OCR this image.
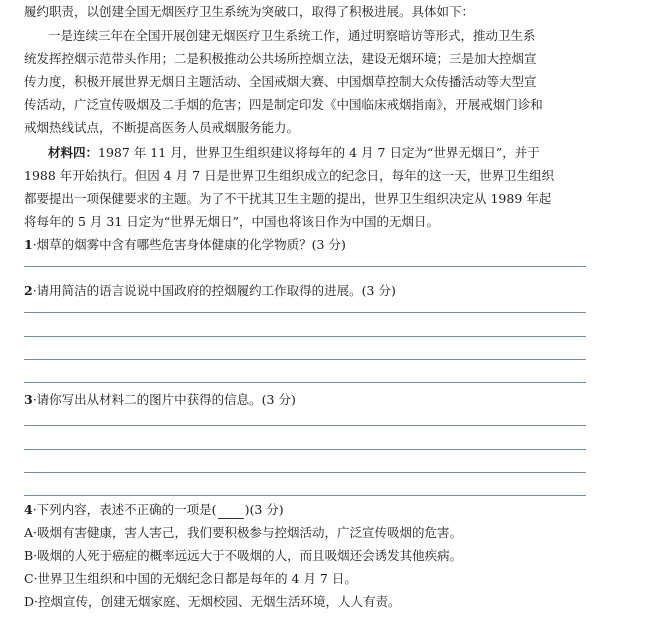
履约职责，以创建全国无烟医疗卫生系统为突破口，取得了积极进展。具体如下：
一是连续三年在全国开展创建无烟医疗卫生系统工作，通过明察暗访等形式，推动卫生系
统发挥控烟示范带头作用；二是积极推动公共场所控烟立法，建设无烟环境；三是加大控烟宣
传力度，积极开展世界无烟日主题活动、全国戒烟大赛、中国烟草控制大众传播活动等大型宣
传活动，广泛宣传吸烟及二手烟的危害；四是制定印发《中国临床戒烟指南》，开展戒烟门诊和
戒烟热线试点，不断提高医务人员戒烟服务能力。
材料四：1987 年 11 月，世界卫生组织建议将每年的 4 月 7 日定为“世界无烟日”，并于
1988 年开始执行。但因 4 月 7 日是世界卫生组织成立的纪念日，每年的这一天，世界卫生组织
都要提出一项保健要求的主题。为了不干扰其卫生主题的提出，世界卫生组织决定从 1989 年起
将每年的 5 月 31 日定为“世界无烟日”，中国也将该日作为中国的无烟日。
1·烟草的烟雾中含有哪些危害身体健康的化学物质？(3 分)
2·请用简洁的语言说说中国政府的控烟履约工作取得的进展。(3 分)
3·请你写出从材料二的图片中获得的信息。(3 分)
4·下列内容，表述不正确的一项是( )(3 分)
A·吸烟有害健康，害人害己，我们要积极参与控烟活动，广泛宣传吸烟的危害。
B·吸烟的人死于癌症的概率远远大于不吸烟的人，而且吸烟还会诱发其他疾病。
C·世界卫生组织和中国的无烟纪念日都是每年的 4 月 7 日。
D·控烟宣传，创建无烟家庭、无烟校园、无烟生活环境，人人有责。
